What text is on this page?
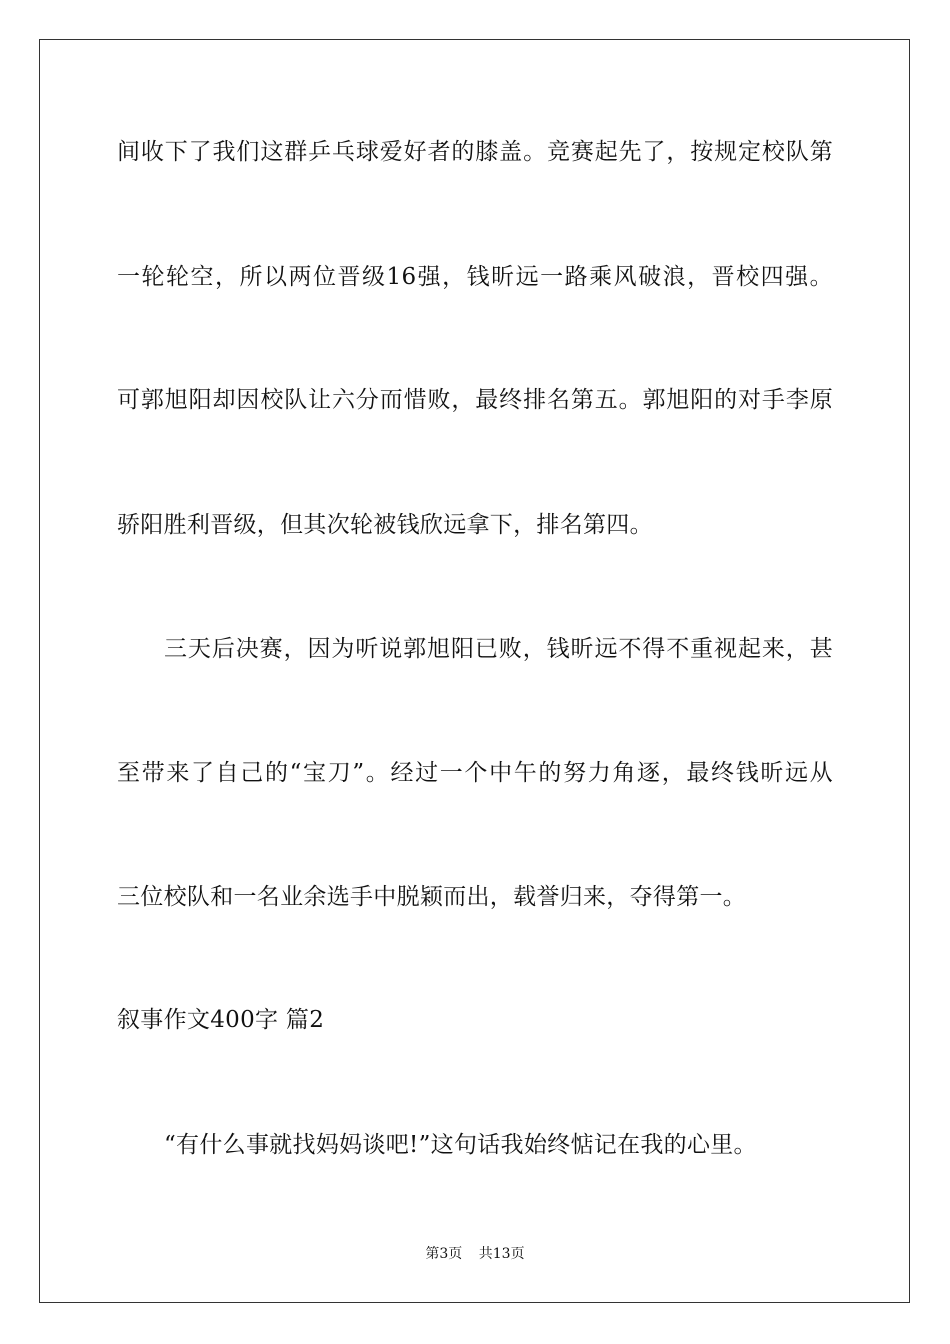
间收下了我们这群乒乓球爱好者的膝盖。竞赛起先了，按规定校队第
一轮轮空，所以两位晋级16强，钱昕远一路乘风破浪，晋校四强。
可郭旭阳却因校队让六分而惜败，最终排名第五。郭旭阳的对手李原
骄阳胜利晋级，但其次轮被钱欣远拿下，排名第四。
三天后决赛，因为听说郭旭阳已败，钱昕远不得不重视起来，甚
至带来了自己的“宝刀”。经过一个中午的努力角逐，最终钱昕远从
三位校队和一名业余选手中脱颖而出，载誉归来，夺得第一。
叙事作文400字 篇2
“有什么事就找妈妈谈吧!”这句话我始终惦记在我的心里。
第3页 共13页
